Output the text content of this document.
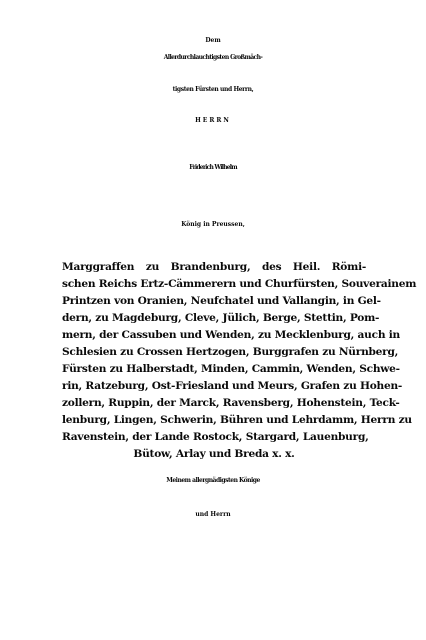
Dem
Allerdurchlauchtigsten Großmäch-
tigsten Fürsten und Herrn,
HERRN
Friderich Wilhelm
König in Preussen,
Marggraffen zu Brandenburg, des Heil. Römi-
schen Reichs Ertz-Cämmerern und Churfürsten, Souverainem
Printzen von Oranien, Neufchatel und Vallangin, in Gel-
dern, zu Magdeburg, Cleve, Jülich, Berge, Stettin, Pom-
mern, der Cassuben und Wenden, zu Mecklenburg, auch in
Schlesien zu Crossen Hertzogen, Burggrafen zu Nürnberg,
Fürsten zu Halberstadt, Minden, Cammin, Wenden, Schwe-
rin, Ratzeburg, Ost-Friesland und Meurs, Grafen zu Hohen-
zollern, Ruppin, der Marck, Ravensberg, Hohenstein, Teck-
lenburg, Lingen, Schwerin, Bühren und Lehrdamm, Herrn zu
Ravenstein, der Lande Rostock, Stargard, Lauenburg,
Bütow, Arlay und Breda x. x.
Meinem allergnädigsten Könige
und Herrn
